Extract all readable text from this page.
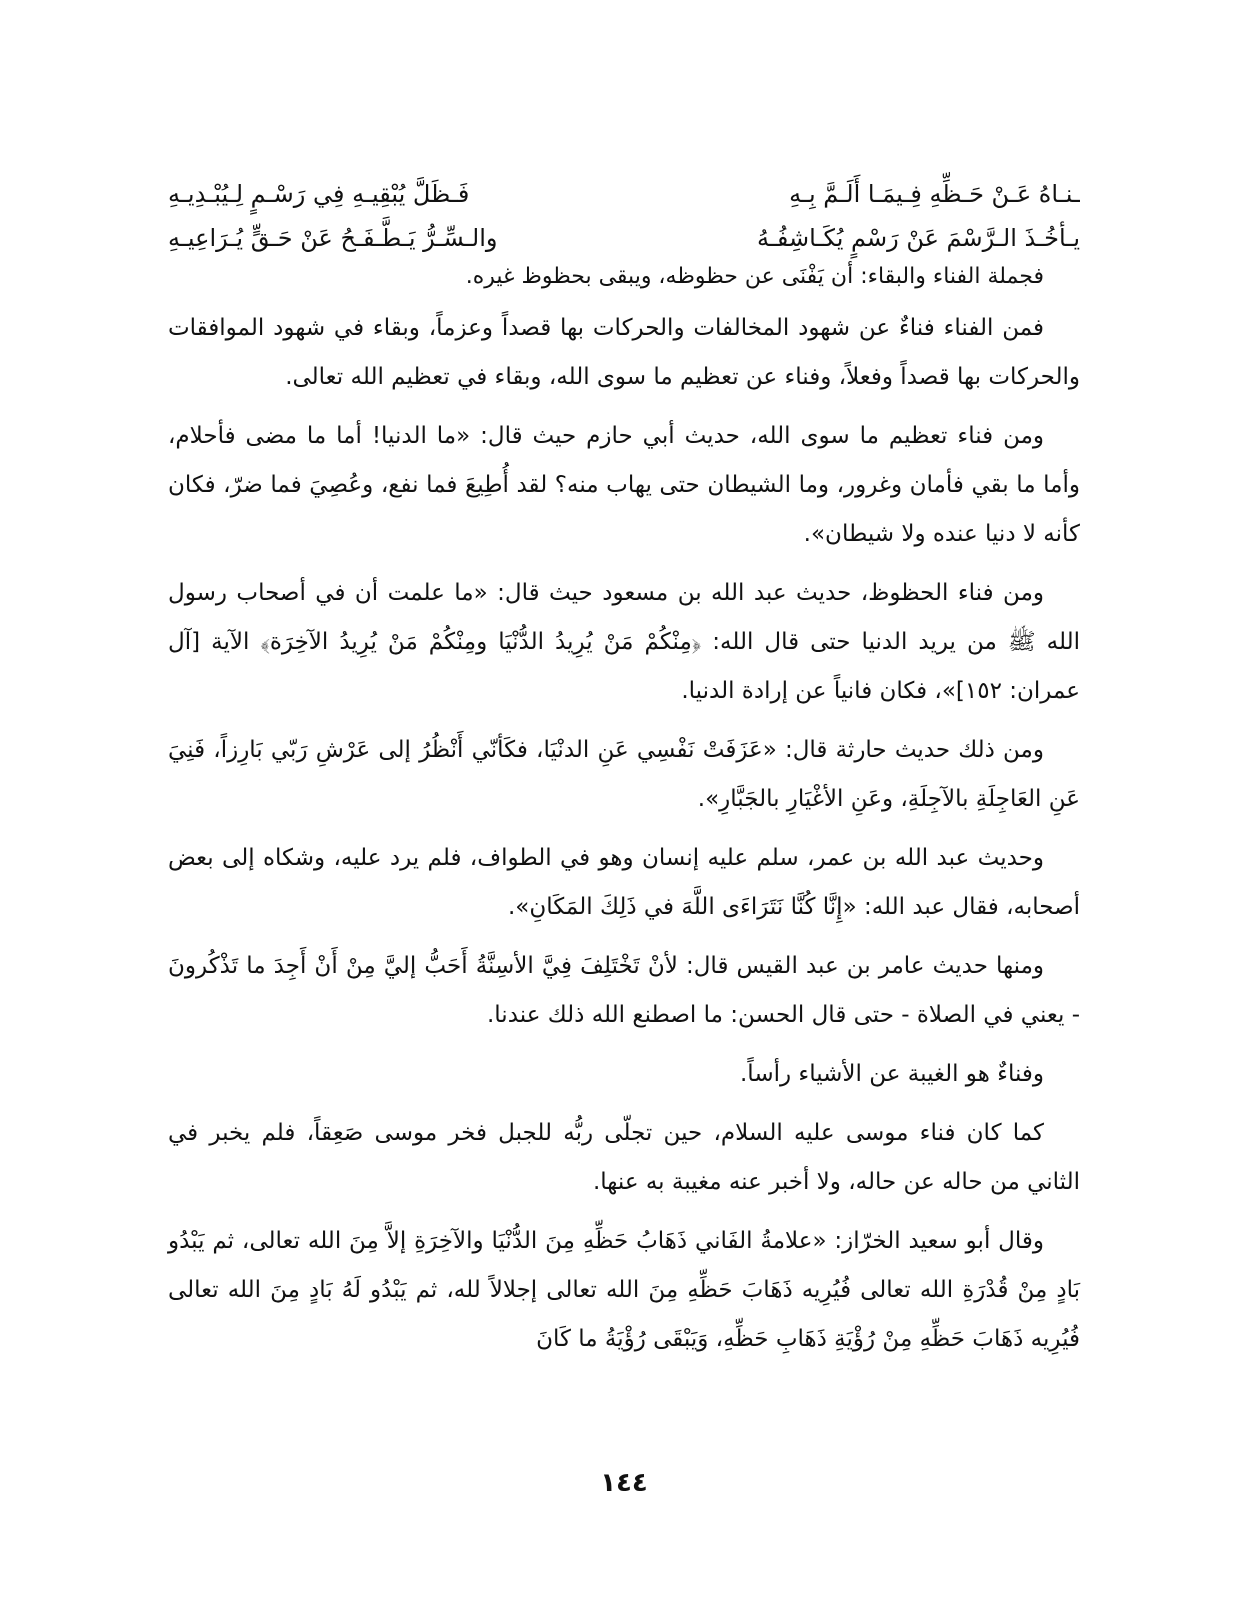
ـنـاهُ عَـنْ حَـظِّهِ فِـيمَـا أَلَـمَّ بِـهِ
فَـظَلَّ يُبْقِيـهِ فِي رَسْـمٍ لِـيُبْـدِيـهِ
يـأخُـذَ الـرَّسْمَ عَنْ رَسْمٍ يُكَـاشِفُـهُ
والـسِّـرُّ يَـطَّـفَـحُ عَنْ حَـقٍّ يُـرَاعِيـهِ

فجملة الفناء والبقاء: أن يَفْنَى عن حظوظه، ويبقى بحظوظ غيره.

فمن الفناء فناءٌ عن شهود المخالفات والحركات بها قصداً وعزماً، وبقاء في شهود الموافقات والحركات بها قصداً وفعلاً، وفناء عن تعظيم ما سوى الله، وبقاء في تعظيم الله تعالى.

ومن فناء تعظيم ما سوى الله، حديث أبي حازم حيث قال: «ما الدنيا! أما ما مضى فأحلام، وأما ما بقي فأمان وغرور، وما الشيطان حتى يهاب منه؟ لقد أُطِيعَ فما نفع، وعُصِيَ فما ضرّ، فكان كأنه لا دنيا عنده ولا شيطان».

ومن فناء الحظوظ، حديث عبد الله بن مسعود حيث قال: «ما علمت أن في أصحاب رسول الله ﷺ من يريد الدنيا حتى قال الله: ﴿مِنْكُمْ مَنْ يُرِيدُ الدُّنْيَا ومِنْكُمْ مَنْ يُرِيدُ الآخِرَة﴾ الآية [آل عمران: ١٥٢]»، فكان فانياً عن إرادة الدنيا.

ومن ذلك حديث حارثة قال: «عَزَفَتْ نَفْسِي عَنِ الدنْيَا، فكَأنّي أَنْظُرُ إلى عَرْشِ رَبّي بَارِزاً، فَنِيَ عَنِ العَاجِلَةِ بالآجِلَةِ، وعَنِ الأغْيَارِ بالجَبَّارِ».

وحديث عبد الله بن عمر، سلم عليه إنسان وهو في الطواف، فلم يرد عليه، وشكاه إلى بعض أصحابه، فقال عبد الله: «إِنَّا كُنَّا نَتَرَاءَى اللَّهَ في ذَلِكَ المَكَانِ».

ومنها حديث عامر بن عبد القيس قال: لأنْ تَخْتَلِفَ فِيَّ الأسِنَّةُ أَحَبُّ إليَّ مِنْ أَنْ أَجِدَ ما تَذْكُرونَ - يعني في الصلاة - حتى قال الحسن: ما اصطنع الله ذلك عندنا.

وفناءٌ هو الغيبة عن الأشياء رأساً.

كما كان فناء موسى عليه السلام، حين تجلّى ربُّه للجبل فخر موسى صَعِقاً، فلم يخبر في الثاني من حاله عن حاله، ولا أخبر عنه مغيبة به عنها.

وقال أبو سعيد الخرّاز: «علامةُ الفَاني ذَهَابُ حَظِّهِ مِنَ الدُّنْيَا والآخِرَةِ إلاَّ مِنَ الله تعالى، ثم يَبْدُو بَادٍ مِنْ قُدْرَةِ الله تعالى فُيُرِيه ذَهَابَ حَظِّهِ مِنَ الله تعالى إجلالاً لله، ثم يَبْدُو لَهُ بَادٍ مِنَ الله تعالى فُيُرِيه ذَهَابَ حَظِّهِ مِنْ رُؤْيَةِ ذَهَابِ حَظِّهِ، وَيَبْقَى رُؤْيَةُ ما كَانَ

١٤٤
